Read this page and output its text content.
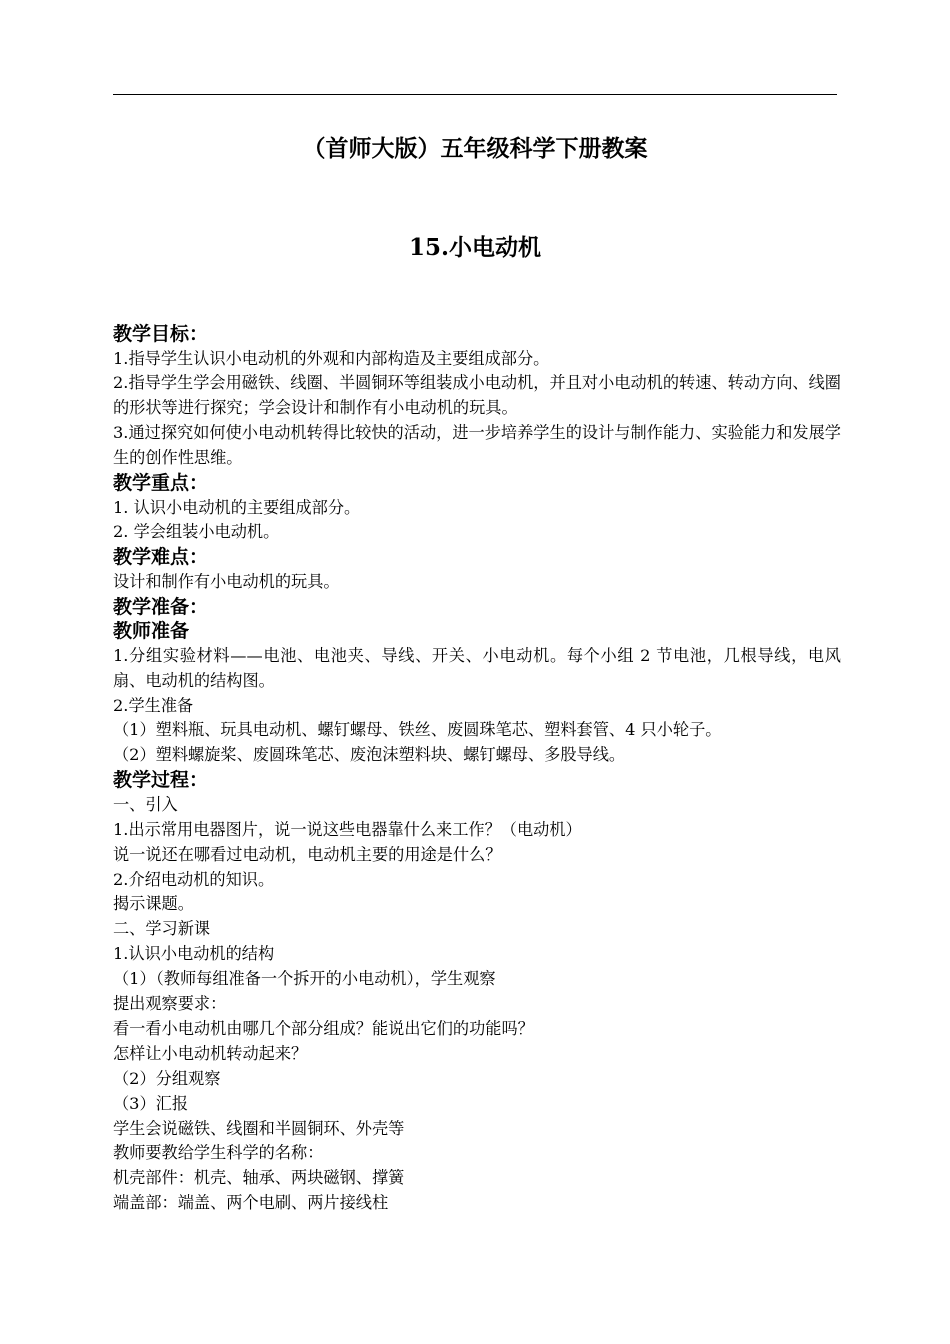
（首师大版）五年级科学下册教案
15.小电动机
教学目标：
1.指导学生认识小电动机的外观和内部构造及主要组成部分。
2.指导学生学会用磁铁、线圈、半圆铜环等组装成小电动机，并且对小电动机的转速、转动方向、线圈的形状等进行探究；学会设计和制作有小电动机的玩具。
3.通过探究如何使小电动机转得比较快的活动，进一步培养学生的设计与制作能力、实验能力和发展学生的创作性思维。
教学重点：
1. 认识小电动机的主要组成部分。
2. 学会组装小电动机。
教学难点：
设计和制作有小电动机的玩具。
教学准备：
教师准备
1.分组实验材料——电池、电池夹、导线、开关、小电动机。每个小组 2 节电池，几根导线，电风扇、电动机的结构图。
2.学生准备
（1）塑料瓶、玩具电动机、螺钉螺母、铁丝、废圆珠笔芯、塑料套管、4 只小轮子。
（2）塑料螺旋桨、废圆珠笔芯、废泡沫塑料块、螺钉螺母、多股导线。
教学过程：
一、引入
1.出示常用电器图片，说一说这些电器靠什么来工作？（电动机）
说一说还在哪看过电动机，电动机主要的用途是什么？
2.介绍电动机的知识。
揭示课题。
二、学习新课
1.认识小电动机的结构
（1）（教师每组准备一个拆开的小电动机），学生观察
提出观察要求：
看一看小电动机由哪几个部分组成？能说出它们的功能吗？
怎样让小电动机转动起来？
（2）分组观察
（3）汇报
学生会说磁铁、线圈和半圆铜环、外壳等
教师要教给学生科学的名称：
机壳部件：机壳、轴承、两块磁钢、撑簧
端盖部：端盖、两个电刷、两片接线柱
